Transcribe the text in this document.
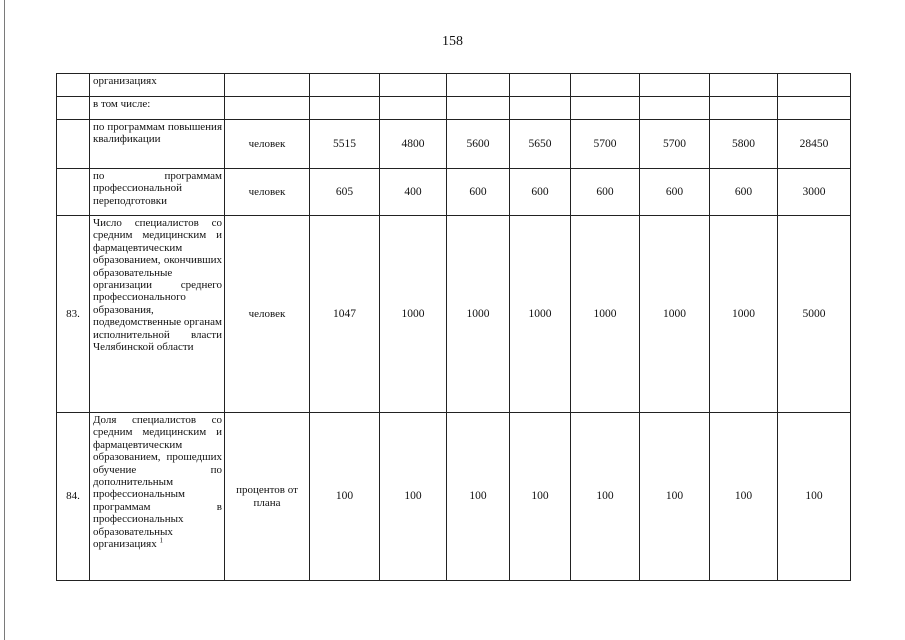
158
	организациях									
	в том числе:									
	по программам повышения квалификации	человек	5515	4800	5600	5650	5700	5700	5800	28450
	по программам профессиональной переподготовки	человек	605	400	600	600	600	600	600	3000
83.	Число специалистов со средним медицинским и фармацевтическим образованием, окончивших образовательные организации среднего профессионального образования, подведомственные органам исполнительной власти Челябинской области	человек	1047	1000	1000	1000	1000	1000	1000	5000
84.	Доля специалистов со средним медицинским и фармацевтическим образованием, прошедших обучение по дополнительным профессиональным программам в профессиональных образовательных организациях $^1$	процентов от плана	100	100	100	100	100	100	100	100
